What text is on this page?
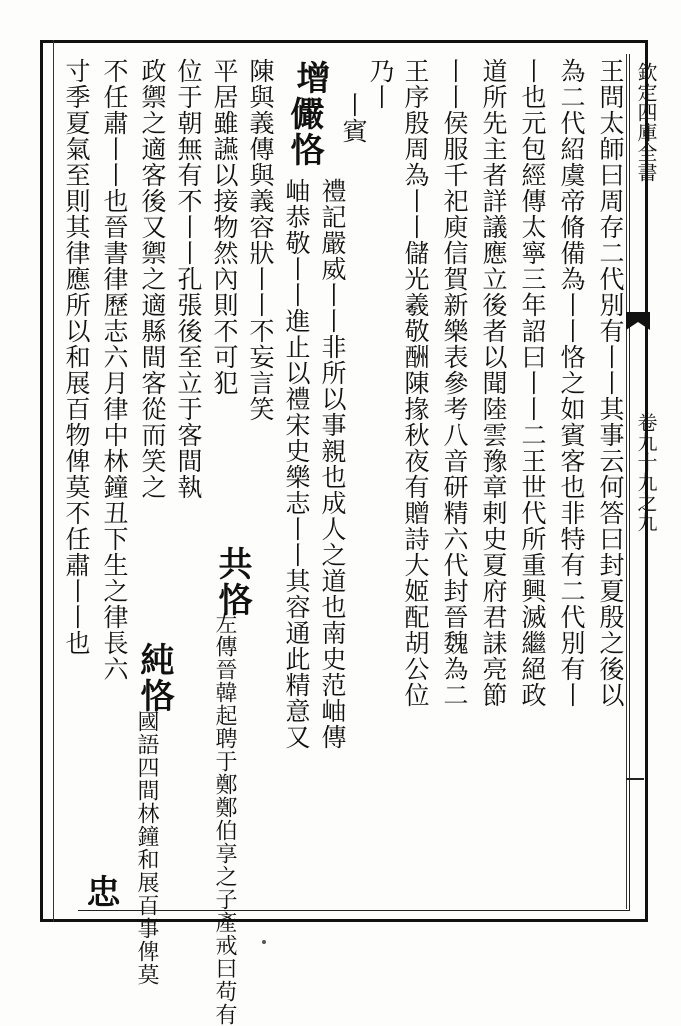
欽定四庫全書
卷九十九之九
王問太師曰周存二代別有丨丨其事云何答曰封夏殷之後以
為二代紹虞帝脩備為丨丨恪之如賓客也非特有二代別有丨
丨也元包經傳太寧三年詔曰丨丨二王世代所重興滅繼絕政
道所先主者詳議應立後者以聞陸雲豫章剌史夏府君誄亮節
丨丨侯服千祀庾信賀新樂表參考八音研精六代封晉魏為二
王序殷周為丨丨儲光羲敬酬陳掾秋夜有贈詩大姬配胡公位
乃丨
丨賓
增
儼恪
禮記嚴威丨丨非所以事親也成人之道也南史范岫傳
岫恭敬丨丨進止以禮宋史樂志丨丨其容通此精意又
陳與義傳與義容狀丨丨不妄言笑
共恪
平居雖讌以接物然內則不可犯
左傳晉韓起聘于鄭鄭伯享之子產戒曰苟有
位于朝無有不丨丨孔張後至立于客間執
政禦之適客後又禦之適縣間客從而笑之
純恪
國語四間林鐘和展百事俾莫
不任肅丨丨也晉書律歷志六月律中林鐘丑下生之律長六
寸季夏氣至則其律應所以和展百物俾莫不任肅丨丨也
忠
